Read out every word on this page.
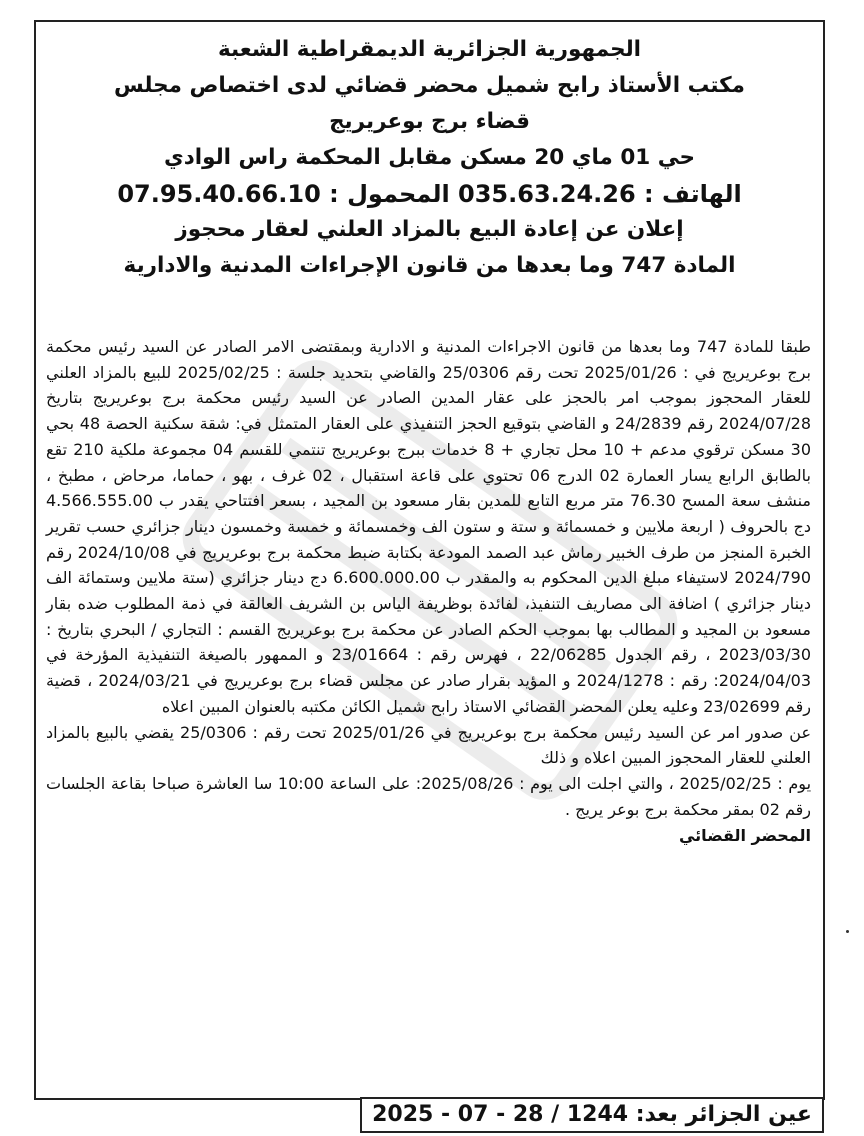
الجمهورية الجزائرية الديمقراطية الشعبة
مكتب الأستاذ رابح شميل محضر قضائي لدى اختصاص مجلس
قضاء برج بوعريريج
حي 01 ماي 20 مسكن مقابل المحكمة راس الوادي
الهاتف : 035.63.24.26 المحمول : 07.95.40.66.10
إعلان عن إعادة البيع بالمزاد العلني لعقار محجوز
المادة 747 وما بعدها من قانون الإجراءات المدنية والادارية

طبقا للمادة 747 وما بعدها من قانون الاجراءات المدنية و الادارية وبمقتضى الامر الصادر عن السيد رئيس محكمة برج بوعريريج في : 2025/01/26 تحت رقم 25/0306 والقاضي بتحديد جلسة : 2025/02/25 للبيع بالمزاد العلني للعقار المحجوز بموجب امر بالحجز على عقار المدين الصادر عن السيد رئيس محكمة برج بوعريريج بتاريخ 2024/07/28 رقم 24/2839 و القاضي بتوقيع الحجز التنفيذي على العقار المتمثل في: شقة سكنية الحصة 48 بحي 30 مسكن ترقوي مدعم + 10 محل تجاري + 8 خدمات ببرج بوعريريج تنتمي للقسم 04 مجموعة ملكية 210 تقع بالطابق الرابع يسار العمارة 02 الدرج 06 تحتوي على قاعة استقبال ، 02 غرف ، بهو ، حماما، مرحاض ، مطبخ ، منشف سعة المسح 76.30 متر مربع التابع للمدين بقار مسعود بن المجيد ، بسعر افتتاحي يقدر ب 4.566.555.00 دج بالحروف ( اربعة ملايين و خمسمائة و ستة و ستون الف وخمسمائة و خمسة وخمسون دينار جزائري حسب تقرير الخبرة المنجز من طرف الخبير رماش عبد الصمد المودعة بكتابة ضبط محكمة برج بوعريريج في 2024/10/08 رقم 2024/790 لاستيفاء مبلغ الدين المحكوم به والمقدر ب 6.600.000.00 دج دينار جزائري (ستة ملايين وستمائة الف دينار جزائري ) اضافة الى مصاريف التنفيذ، لفائدة بوظريفة الياس بن الشريف العالقة في ذمة المطلوب ضده بقار مسعود بن المجيد و المطالب بها بموجب الحكم الصادر عن محكمة برج بوعريريج القسم : التجاري / البحري بتاريخ : 2023/03/30 ، رقم الجدول 22/06285 ، فهرس رقم : 23/01664 و الممهور بالصيغة التنفيذية المؤرخة في 2024/04/03: رقم : 2024/1278 و المؤيد بقرار صادر عن مجلس قضاء برج بوعريريج في 2024/03/21 ، قضية رقم 23/02699 وعليه يعلن المحضر القضائي الاستاذ رابح شميل الكائن مكتبه بالعنوان المبين اعلاه

عن صدور امر عن السيد رئيس محكمة برج بوعريريج في 2025/01/26 تحت رقم : 25/0306 يقضي بالبيع بالمزاد العلني للعقار المحجوز المبين اعلاه و ذلك

يوم : 2025/02/25 ، والتي اجلت الى يوم : 2025/08/26: على الساعة 10:00 سا العاشرة صباحا بقاعة الجلسات رقم 02 بمقر محكمة برج بوعر يريج .

المحضر القضائي
عين الجزائر بعد: 1244 / 28 - 07 - 2025
